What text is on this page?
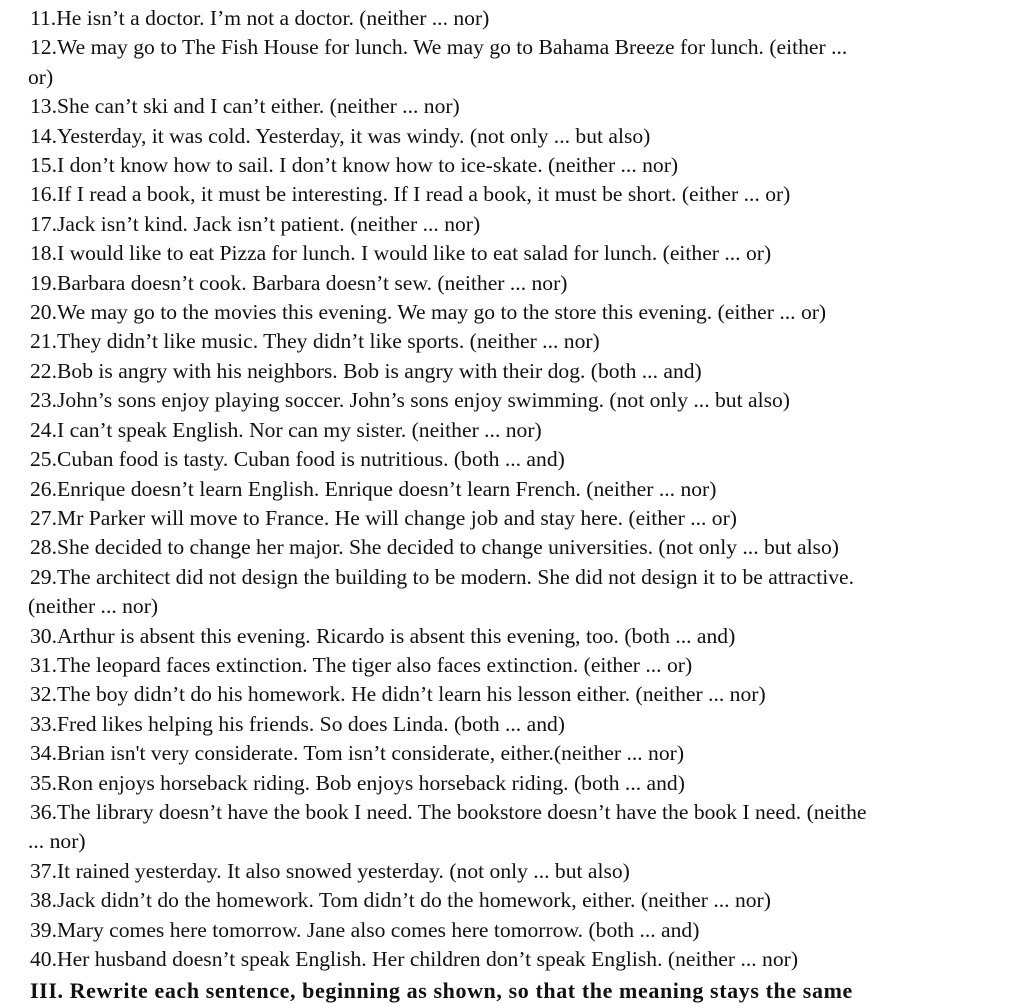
11.He isn’t a doctor. I’m not a doctor. (neither ... nor)
12.We may go to The Fish House for lunch. We may go to Bahama Breeze for lunch. (either ...
or)
13.She can’t ski and I can’t either. (neither ... nor)
14.Yesterday, it was cold. Yesterday, it was windy. (not only ... but also)
15.I don’t know how to sail. I don’t know how to ice-skate. (neither ... nor)
16.If I read a book, it must be interesting. If I read a book, it must be short. (either ... or)
17.Jack isn’t kind. Jack isn’t patient. (neither ... nor)
18.I would like to eat Pizza for lunch. I would like to eat salad for lunch. (either ... or)
19.Barbara doesn’t cook. Barbara doesn’t sew. (neither ... nor)
20.We may go to the movies this evening. We may go to the store this evening. (either ... or)
21.They didn’t like music. They didn’t like sports. (neither ... nor)
22.Bob is angry with his neighbors. Bob is angry with their dog. (both ... and)
23.John’s sons enjoy playing soccer. John’s sons enjoy swimming. (not only ... but also)
24.I can’t speak English. Nor can my sister. (neither ... nor)
25.Cuban food is tasty. Cuban food is nutritious. (both ... and)
26.Enrique doesn’t learn English. Enrique doesn’t learn French. (neither ... nor)
27.Mr Parker will move to France. He will change job and stay here. (either ... or)
28.She decided to change her major. She decided to change universities. (not only ... but also)
29.The architect did not design the building to be modern. She did not design it to be attractive.
(neither ... nor)
30.Arthur is absent this evening. Ricardo is absent this evening, too. (both ... and)
31.The leopard faces extinction. The tiger also faces extinction. (either ... or)
32.The boy didn’t do his homework. He didn’t learn his lesson either. (neither ... nor)
33.Fred likes helping his friends. So does Linda. (both ... and)
34.Brian isn't very considerate. Tom isn’t considerate, either.(neither ... nor)
35.Ron enjoys horseback riding. Bob enjoys horseback riding. (both ... and)
36.The library doesn’t have the book I need. The bookstore doesn’t have the book I need. (neithe
... nor)
37.It rained yesterday. It also snowed yesterday. (not only ... but also)
38.Jack didn’t do the homework. Tom didn’t do the homework, either. (neither ... nor)
39.Mary comes here tomorrow. Jane also comes here tomorrow. (both ... and)
40.Her husband doesn’t speak English. Her children don’t speak English. (neither ... nor)
III. Rewrite each sentence, beginning as shown, so that the meaning stays the same
